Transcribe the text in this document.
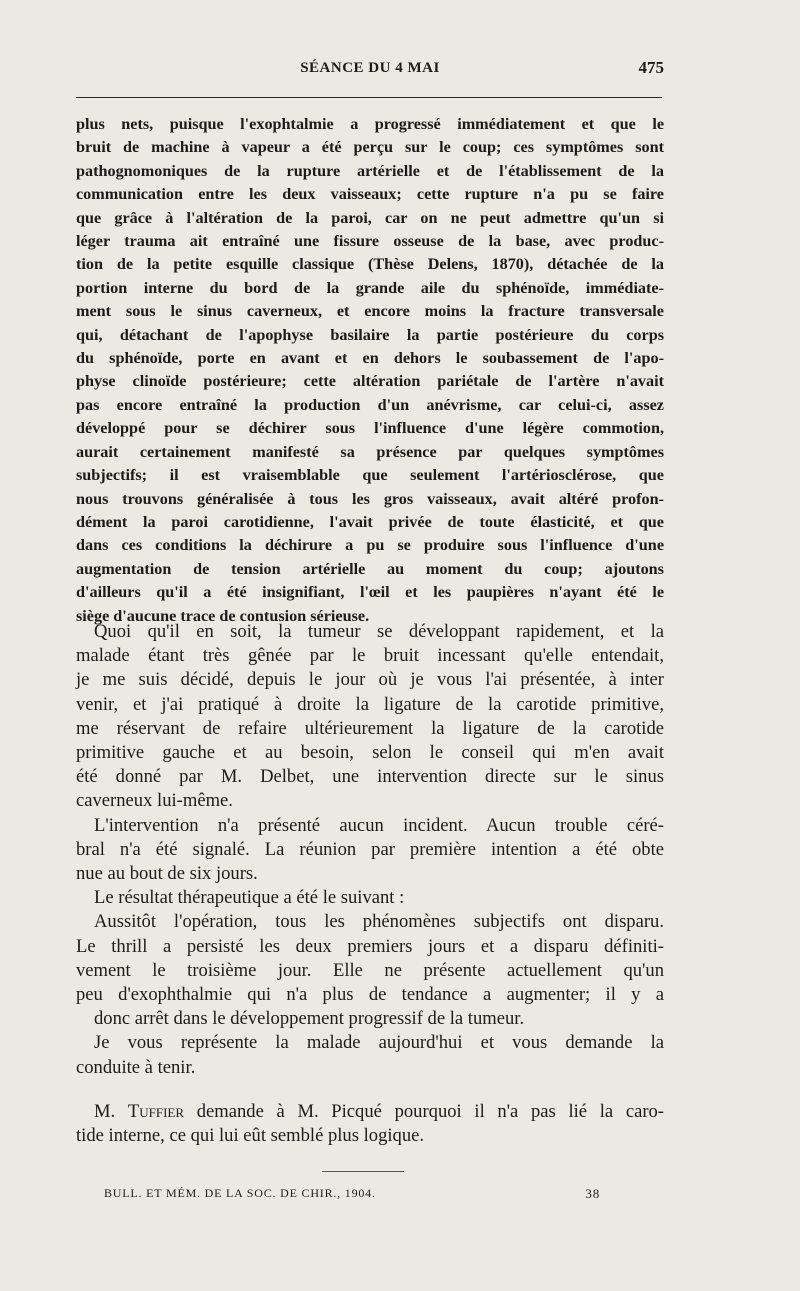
SÉANCE DU 4 MAI	475
plus nets, puisque l'exophtalmie a progressé immédiatement et que le
bruit de machine à vapeur a été perçu sur le coup; ces symptômes sont
pathognomoniques de la rupture artérielle et de l'établissement de la
communication entre les deux vaisseaux; cette rupture n'a pu se faire
que grâce à l'altération de la paroi, car on ne peut admettre qu'un si
léger trauma ait entraîné une fissure osseuse de la base, avec produc-
tion de la petite esquille classique (Thèse Delens, 1870), détachée de la
portion interne du bord de la grande aile du sphénoïde, immédiate-
ment sous le sinus caverneux, et encore moins la fracture transversale
qui, détachant de l'apophyse basilaire la partie postérieure du corps
du sphénoïde, porte en avant et en dehors le soubassement de l'apo-
physe clinoïde postérieure; cette altération pariétale de l'artère n'avait
pas encore entraîné la production d'un anévrisme, car celui-ci, assez
développé pour se déchirer sous l'influence d'une légère commotion,
aurait certainement manifesté sa présence par quelques symptômes
subjectifs; il est vraisemblable que seulement l'artériosclérose, que
nous trouvons généralisée à tous les gros vaisseaux, avait altéré profon-
dément la paroi carotidienne, l'avait privée de toute élasticité, et que
dans ces conditions la déchirure a pu se produire sous l'influence d'une
augmentation de tension artérielle au moment du coup; ajoutons
d'ailleurs qu'il a été insignifiant, l'œil et les paupières n'ayant été le
siège d'aucune trace de contusion sérieuse.
Quoi qu'il en soit, la tumeur se développant rapidement, et la
malade étant très gênée par le bruit incessant qu'elle entendait,
je me suis décidé, depuis le jour où je vous l'ai présentée, à inter
venir, et j'ai pratiqué à droite la ligature de la carotide primitive,
me réservant de refaire ultérieurement la ligature de la carotide
primitive gauche et au besoin, selon le conseil qui m'en avait
été donné par M. Delbet, une intervention directe sur le sinus
caverneux lui-même.
L'intervention n'a présenté aucun incident. Aucun trouble céré-
bral n'a été signalé. La réunion par première intention a été obte
nue au bout de six jours.
Le résultat thérapeutique a été le suivant :
Aussitôt l'opération, tous les phénomènes subjectifs ont disparu.
Le thrill a persisté les deux premiers jours et a disparu définiti-
vement le troisième jour. Elle ne présente actuellement qu'un
peu d'exophthalmie qui n'a plus de tendance a augmenter; il y a
donc arrêt dans le développement progressif de la tumeur.
Je vous représente la malade aujourd'hui et vous demande la
conduite à tenir.
M. Tuffier demande à M. Picqué pourquoi il n'a pas lié la caro-
tide interne, ce qui lui eût semblé plus logique.
BULL. ET MÉM. DE LA SOC. DE CHIR., 1904.	38
